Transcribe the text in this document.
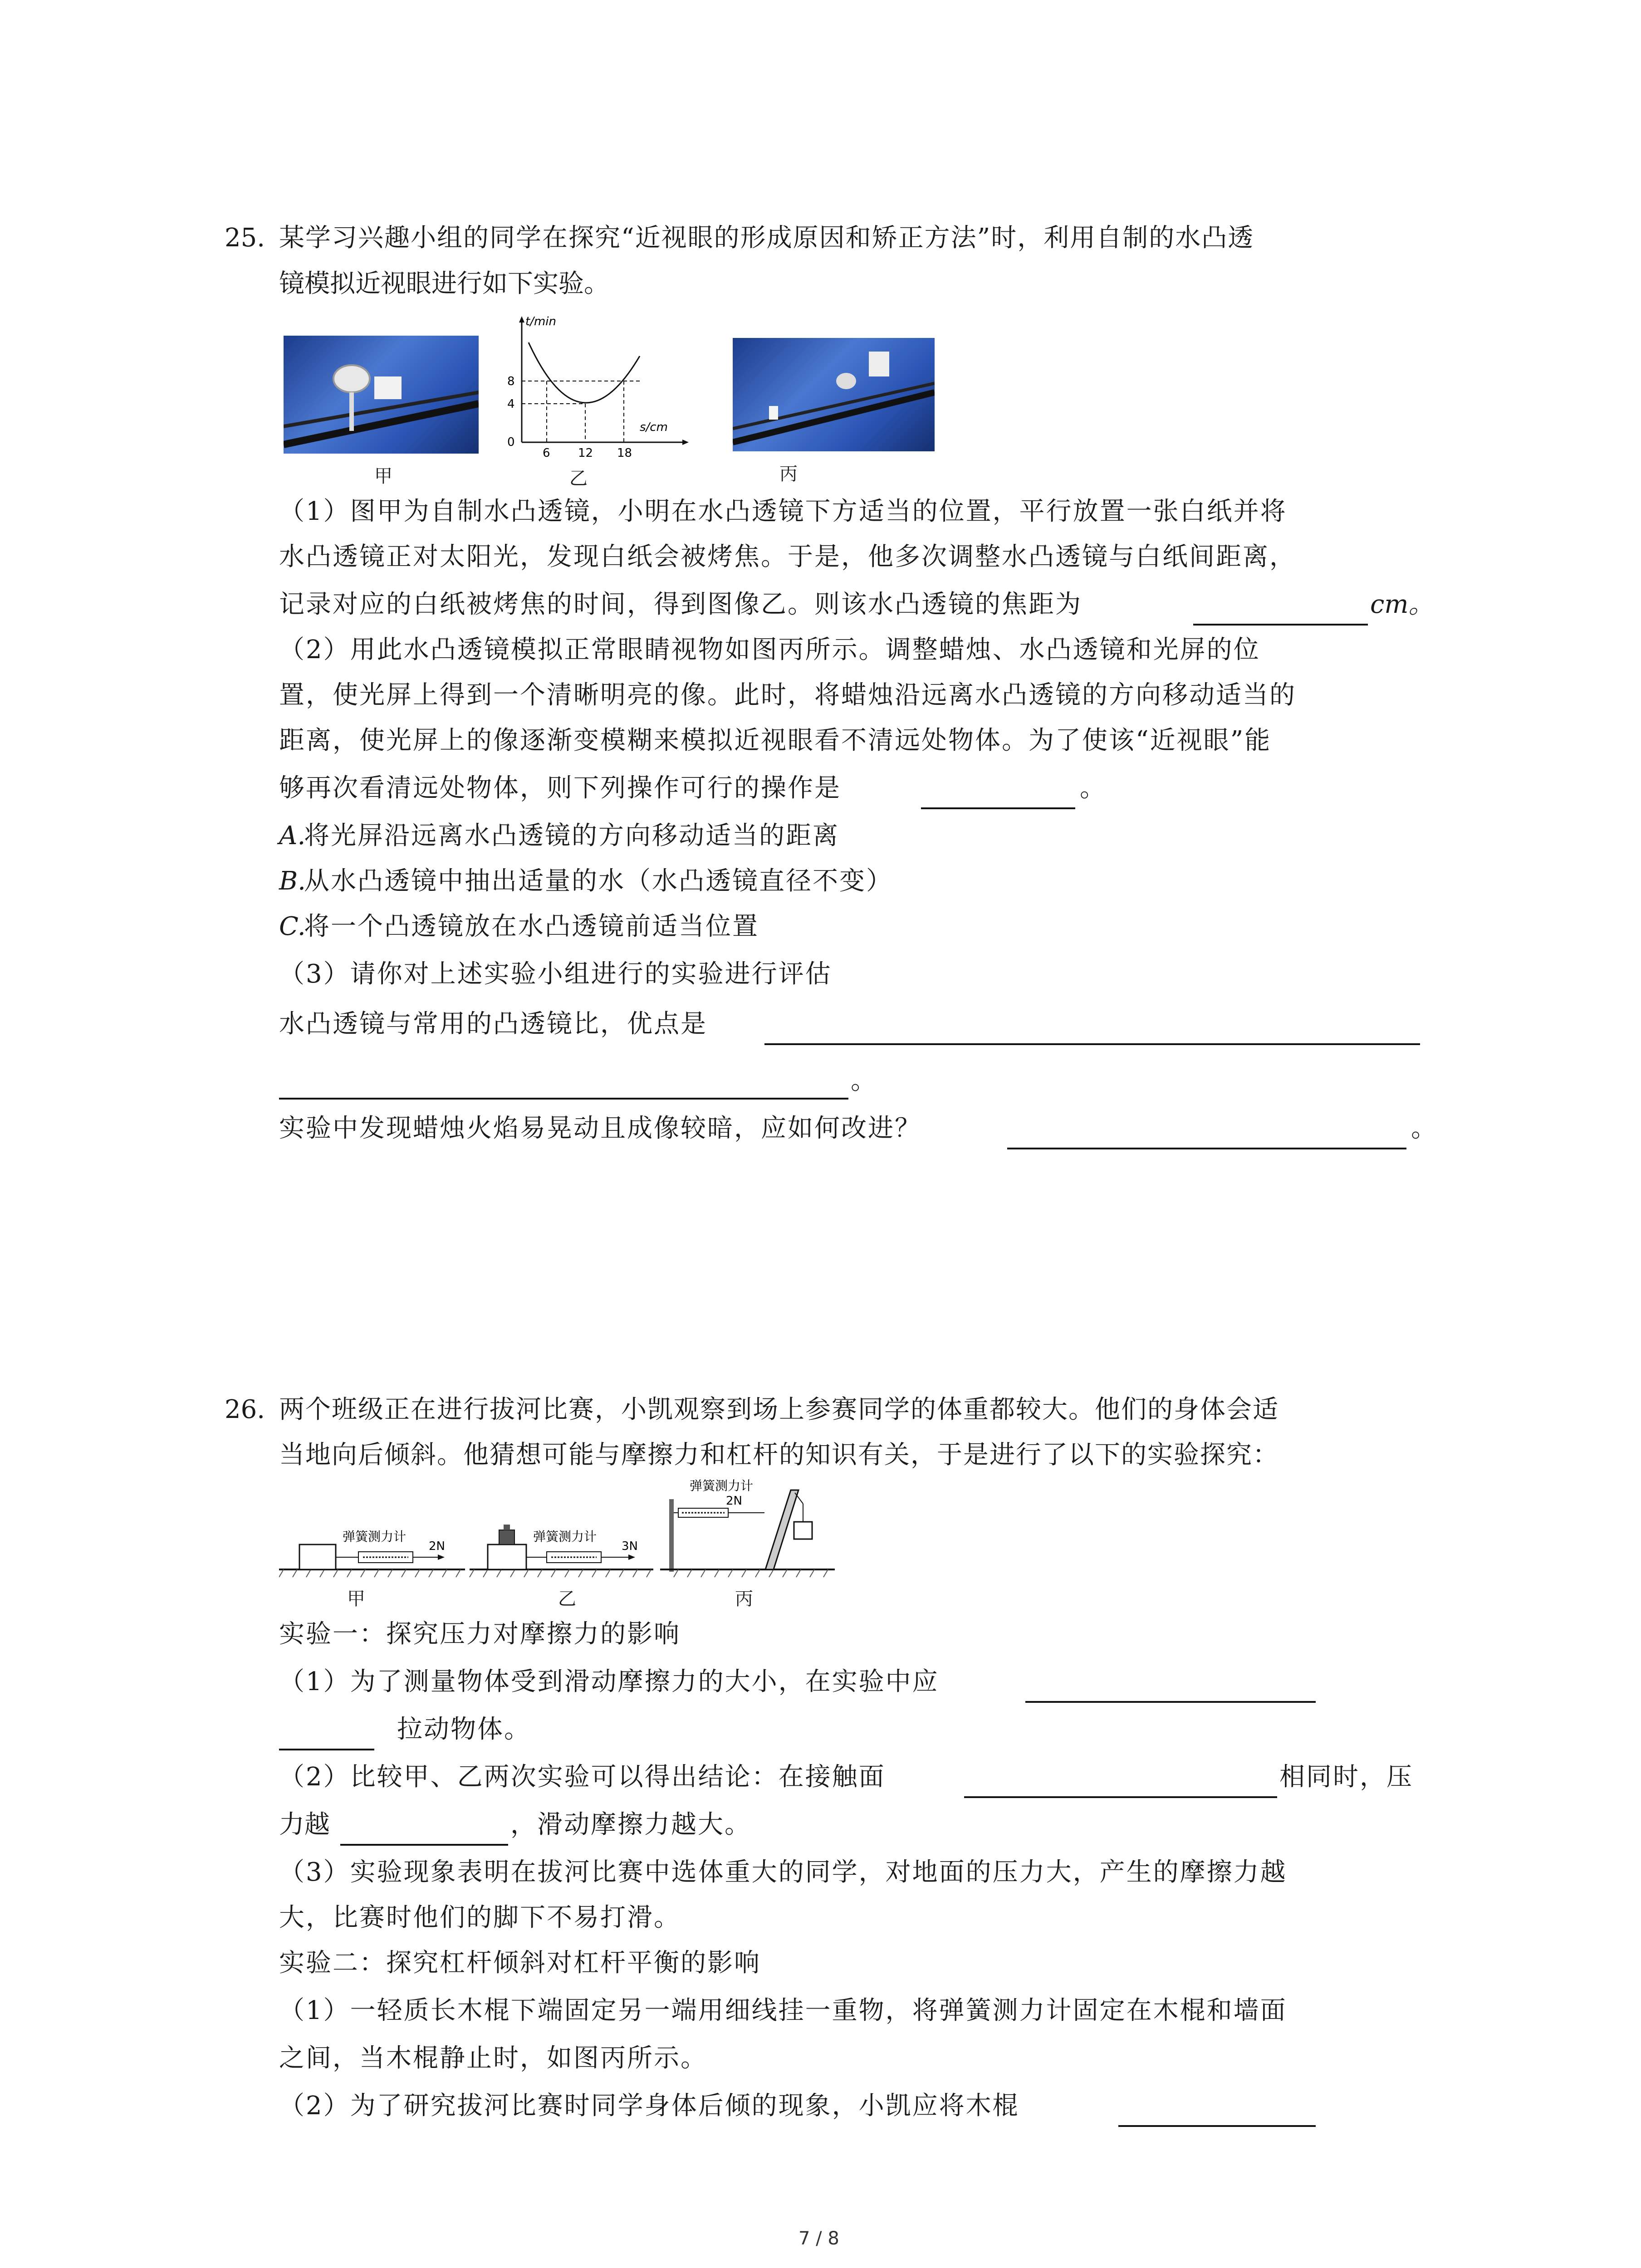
25. 某学习兴趣小组的同学在探究“近视眼的形成原因和矫正方法”时，利用自制的水凸透
镜模拟近视眼进行如下实验。
甲
t/min
s/cm
8
4
0
6 12 18
乙	丙
（1）图甲为自制水凸透镜，小明在水凸透镜下方适当的位置，平行放置一张白纸并将
水凸透镜正对太阳光，发现白纸会被烤焦。于是，他多次调整水凸透镜与白纸间距离，
记录对应的白纸被烤焦的时间，得到图像乙。则该水凸透镜的焦距为	cm。
（2）用此水凸透镜模拟正常眼睛视物如图丙所示。调整蜡烛、水凸透镜和光屏的位
置，使光屏上得到一个清晰明亮的像。此时，将蜡烛沿远离水凸透镜的方向移动适当的
距离，使光屏上的像逐渐变模糊来模拟近视眼看不清远处物体。为了使该“近视眼”能
够再次看清远处物体，则下列操作可行的操作是	。
A.
将光屏沿远离水凸透镜的方向移动适当的距离
B.
从水凸透镜中抽出适量的水（水凸透镜直径不变）
C.
将一个凸透镜放在水凸透镜前适当位置
（3）请你对上述实验小组进行的实验进行评估
水凸透镜与常用的凸透镜比，优点是
。
实验中发现蜡烛火焰易晃动且成像较暗，应如何改进？	。
26. 两个班级正在进行拔河比赛，小凯观察到场上参赛同学的体重都较大。他们的身体会适
当地向后倾斜。他猜想可能与摩擦力和杠杆的知识有关，于是进行了以下的实验探究：
弹簧测力计
2N
弹簧测力计
3N
弹簧测力计
2N
甲	乙	丙
实验一：探究压力对摩擦力的影响
（1）为了测量物体受到滑动摩擦力的大小，在实验中应
拉动物体。
（2）比较甲、乙两次实验可以得出结论：在接触面	相同时，压
力越	，滑动摩擦力越大。
（3）实验现象表明在拔河比赛中选体重大的同学，对地面的压力大，产生的摩擦力越
大，比赛时他们的脚下不易打滑。
实验二：探究杠杆倾斜对杠杆平衡的影响
（1）一轻质长木棍下端固定另一端用细线挂一重物，将弹簧测力计固定在木棍和墙面
之间，当木棍静止时，如图丙所示。
（2）为了研究拔河比赛时同学身体后倾的现象，小凯应将木棍
7 / 8
